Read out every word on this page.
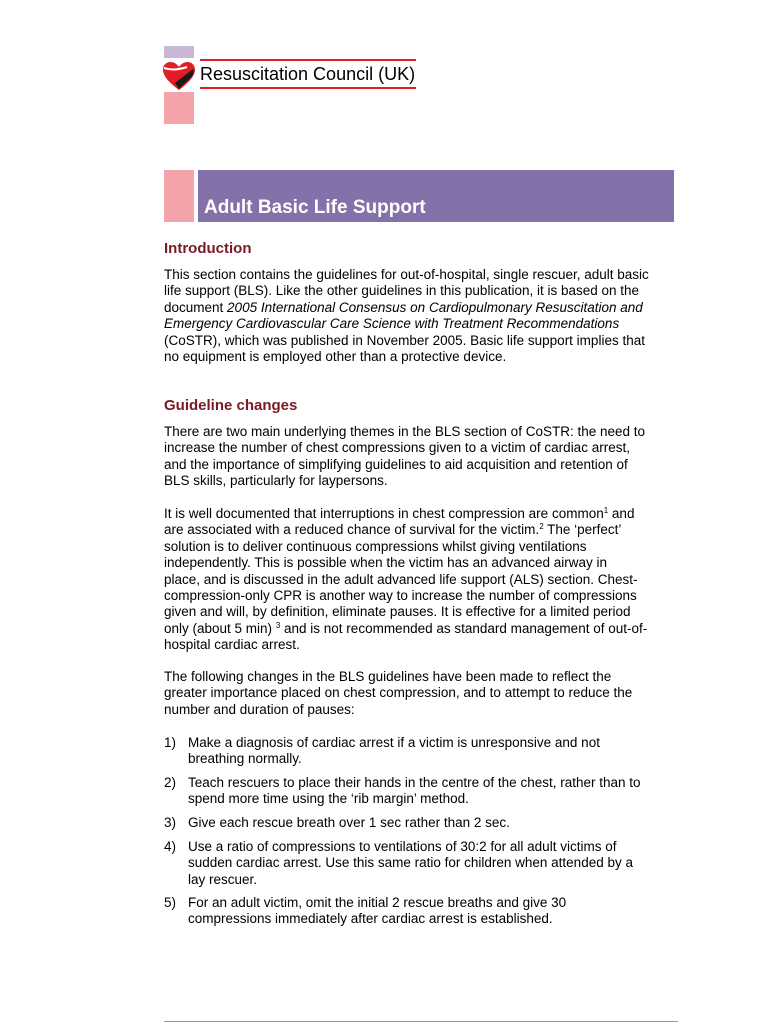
Resuscitation Council (UK)
Adult Basic Life Support
Introduction
This section contains the guidelines for out-of-hospital, single rescuer, adult basic
life support (BLS). Like the other guidelines in this publication, it is based on the
document 2005 International Consensus on Cardiopulmonary Resuscitation and
Emergency Cardiovascular Care Science with Treatment Recommendations
(CoSTR), which was published in November 2005. Basic life support implies that
no equipment is employed other than a protective device.
Guideline changes
There are two main underlying themes in the BLS section of CoSTR: the need to
increase the number of chest compressions given to a victim of cardiac arrest,
and the importance of simplifying guidelines to aid acquisition and retention of
BLS skills, particularly for laypersons.
It is well documented that interruptions in chest compression are common$^1$ and
are associated with a reduced chance of survival for the victim.$^2$ The ‘perfect’
solution is to deliver continuous compressions whilst giving ventilations
independently. This is possible when the victim has an advanced airway in
place, and is discussed in the adult advanced life support (ALS) section. Chest-
compression-only CPR is another way to increase the number of compressions
given and will, by definition, eliminate pauses. It is effective for a limited period
only (about 5 min) $^3$ and is not recommended as standard management of out-of-
hospital cardiac arrest.
The following changes in the BLS guidelines have been made to reflect the
greater importance placed on chest compression, and to attempt to reduce the
number and duration of pauses:
1) Make a diagnosis of cardiac arrest if a victim is unresponsive and not
breathing normally.
2) Teach rescuers to place their hands in the centre of the chest, rather than to
spend more time using the ‘rib margin’ method.
3) Give each rescue breath over 1 sec rather than 2 sec.
4) Use a ratio of compressions to ventilations of 30:2 for all adult victims of
sudden cardiac arrest. Use this same ratio for children when attended by a
lay rescuer.
5) For an adult victim, omit the initial 2 rescue breaths and give 30
compressions immediately after cardiac arrest is established.
